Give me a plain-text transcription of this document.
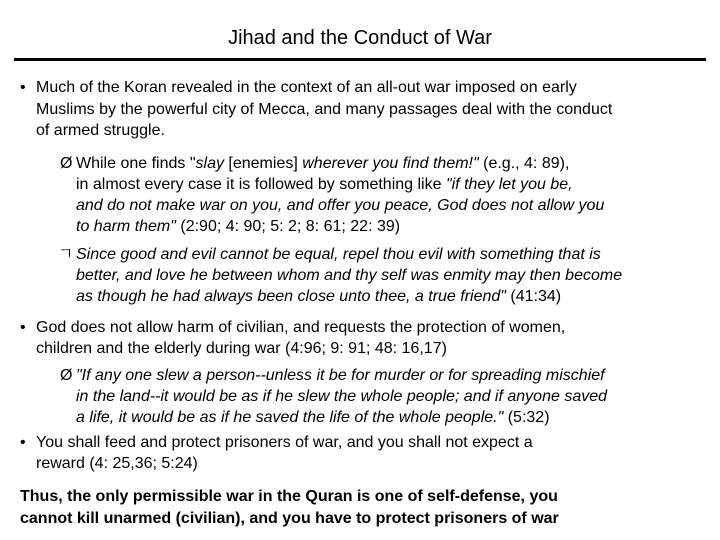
Jihad and the Conduct of War
• Much of the Koran revealed in the context of an all-out war imposed on early
Muslims by the powerful city of Mecca, and many passages deal with the conduct
of armed struggle.
Ø While one finds "slay [enemies] wherever you find them!" (e.g., 4: 89),
in almost every case it is followed by something like "if they let you be,
and do not make war on you, and offer you peace, God does not allow you
to harm them" (2:90; 4: 90; 5: 2; 8: 61; 22: 39)
ㄱ Since good and evil cannot be equal, repel thou evil with something that is
better, and love he between whom and thy self was enmity may then become
as though he had always been close unto thee, a true friend" (41:34)
• God does not allow harm of civilian, and requests the protection of women,
children and the elderly during war (4:96; 9: 91; 48: 16,17)
Ø "If any one slew a person--unless it be for murder or for spreading mischief
in the land--it would be as if he slew the whole people; and if anyone saved
a life, it would be as if he saved the life of the whole people." (5:32)
• You shall feed and protect prisoners of war, and you shall not expect a
reward (4: 25,36; 5:24)
Thus, the only permissible war in the Quran is one of self-defense, you
cannot kill unarmed (civilian), and you have to protect prisoners of war
